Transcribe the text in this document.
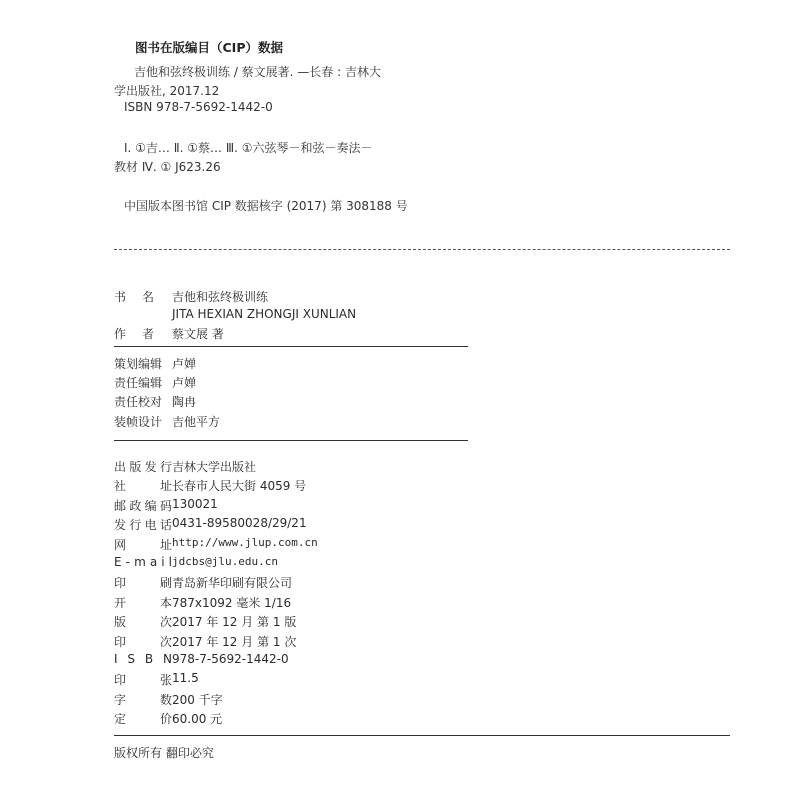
图书在版编目（CIP）数据
吉他和弦终极训练 / 蔡文展著. —长春 : 吉林大
学出版社, 2017.12
ISBN 978-7-5692-1442-0
Ⅰ. ①吉… Ⅱ. ①蔡… Ⅲ. ①六弦琴－和弦－奏法－
教材 Ⅳ. ① J623.26
中国版本图书馆 CIP 数据核字 (2017) 第 308188 号
书 名 吉他和弦终极训练
JITA HEXIAN ZHONGJI XUNLIAN
作 者 蔡文展 著
策划编辑 卢婵
责任编辑 卢婵
责任校对 陶冉
装帧设计 吉他平方
出 版 发 行 吉林大学出版社
社	址 长春市人民大街 4059 号
邮 政 编 码 130021
发 行 电 话 0431-89580028/29/21
网	址 http://www.jlup.com.cn
E - m a i l jdcbs@jlu.edu.cn
印	刷 青岛新华印刷有限公司
开	本 787x1092 毫米 1/16
版	次 2017 年 12 月 第 1 版
印	次 2017 年 12 月 第 1 次
I S B N 978-7-5692-1442-0
印	张 11.5
字	数 200 千字
定	价 60.00 元
版权所有 翻印必究
